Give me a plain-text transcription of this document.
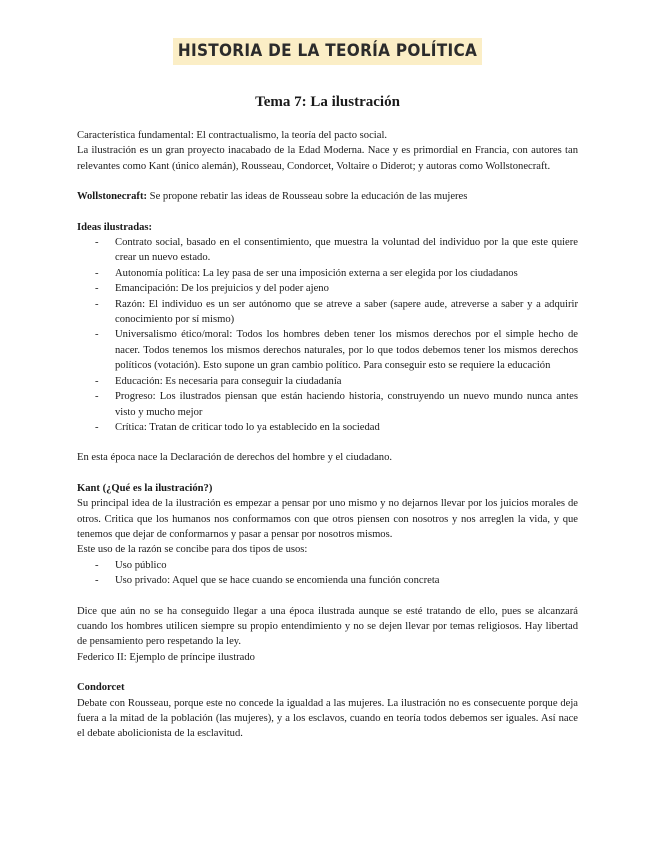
HISTORIA DE LA TEORÍA POLÍTICA
Tema 7: La ilustración

Característica fundamental: El contractualismo, la teoría del pacto social.

La ilustración es un gran proyecto inacabado de la Edad Moderna. Nace y es primordial en Francia, con autores tan relevantes como Kant (único alemán), Rousseau, Condorcet, Voltaire o Diderot; y autoras como Wollstonecraft.

Wollstonecraft: Se propone rebatir las ideas de Rousseau sobre la educación de las mujeres

Ideas ilustradas:

- Contrato social, basado en el consentimiento, que muestra la voluntad del individuo por la que este quiere crear un nuevo estado.
- Autonomía política: La ley pasa de ser una imposición externa a ser elegida por los ciudadanos
- Emancipación: De los prejuicios y del poder ajeno
- Razón: El individuo es un ser autónomo que se atreve a saber (sapere aude, atreverse a saber y a adquirir conocimiento por sí mismo)
- Universalismo ético/moral: Todos los hombres deben tener los mismos derechos por el simple hecho de nacer. Todos tenemos los mismos derechos naturales, por lo que todos debemos tener los mismos derechos políticos (votación). Esto supone un gran cambio político. Para conseguir esto se requiere la educación
- Educación: Es necesaria para conseguir la ciudadanía
- Progreso: Los ilustrados piensan que están haciendo historia, construyendo un nuevo mundo nunca antes visto y mucho mejor
- Crítica: Tratan de criticar todo lo ya establecido en la sociedad

En esta época nace la Declaración de derechos del hombre y el ciudadano.

Kant (¿Qué es la ilustración?)

Su principal idea de la ilustración es empezar a pensar por uno mismo y no dejarnos llevar por los juicios morales de otros. Critica que los humanos nos conformamos con que otros piensen con nosotros y nos arreglen la vida, y que tenemos que dejar de conformarnos y pasar a pensar por nosotros mismos.

Este uso de la razón se concibe para dos tipos de usos:

- Uso público
- Uso privado: Aquel que se hace cuando se encomienda una función concreta

Dice que aún no se ha conseguido llegar a una época ilustrada aunque se esté tratando de ello, pues se alcanzará cuando los hombres utilicen siempre su propio entendimiento y no se dejen llevar por temas religiosos. Hay libertad de pensamiento pero respetando la ley.

Federico II: Ejemplo de príncipe ilustrado

Condorcet

Debate con Rousseau, porque este no concede la igualdad a las mujeres. La ilustración no es consecuente porque deja fuera a la mitad de la población (las mujeres), y a los esclavos, cuando en teoría todos debemos ser iguales. Así nace el debate abolicionista de la esclavitud.
